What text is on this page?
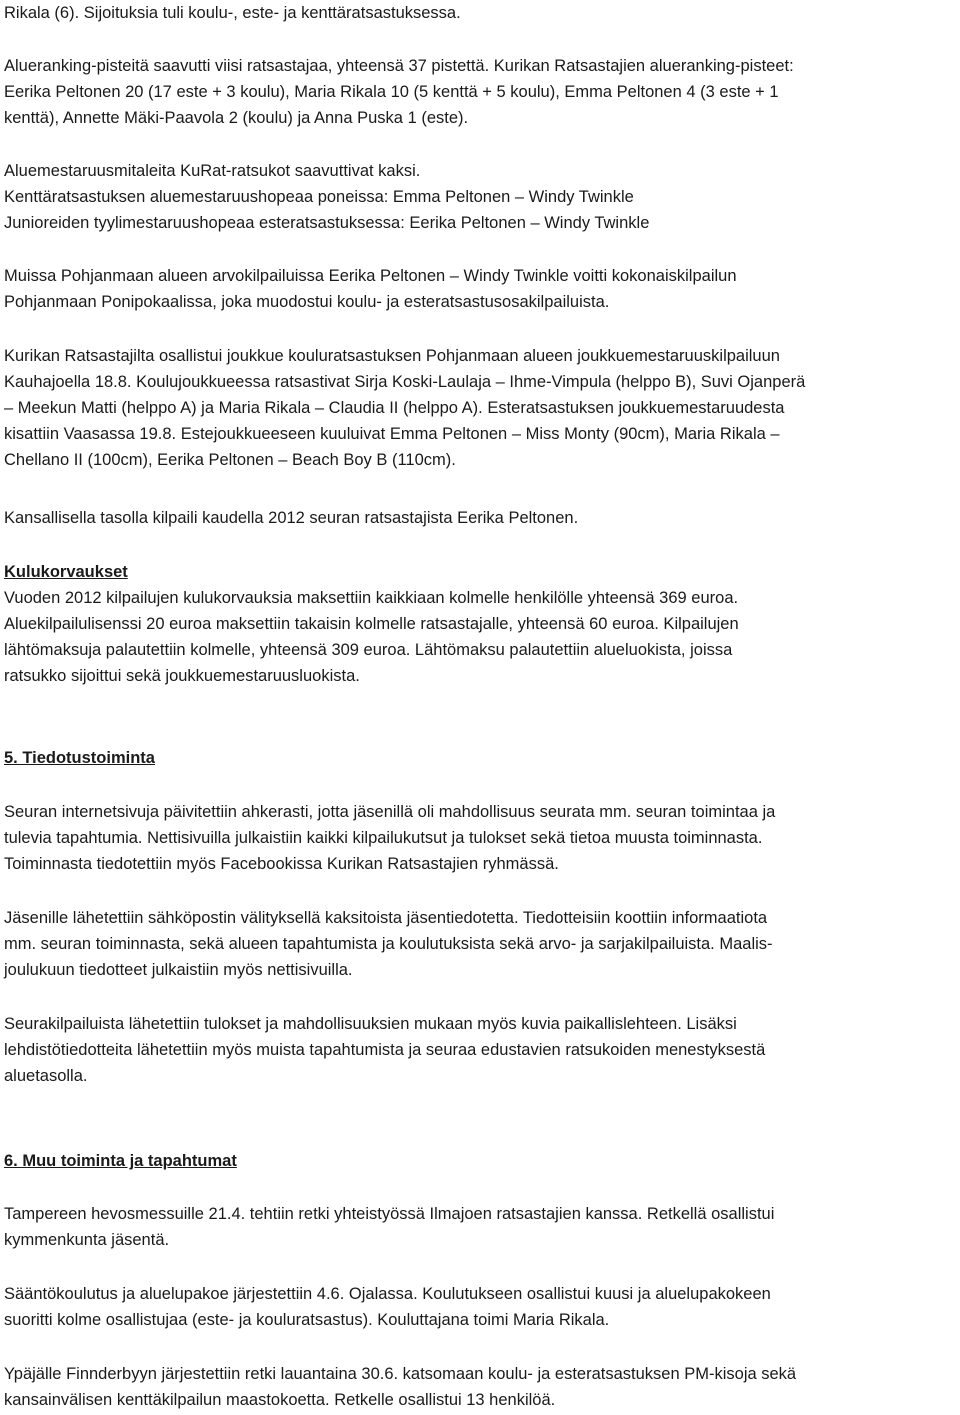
Rikala (6). Sijoituksia tuli koulu-, este- ja kenttäratsastuksessa.
Alueranking-pisteitä saavutti viisi ratsastajaa, yhteensä 37 pistettä. Kurikan Ratsastajien alueranking-pisteet:
Eerika Peltonen 20 (17 este + 3 koulu), Maria Rikala 10 (5 kenttä + 5 koulu), Emma Peltonen 4 (3 este + 1
kenttä), Annette Mäki-Paavola 2 (koulu) ja Anna Puska 1 (este).
Aluemestaruusmitaleita KuRat-ratsukot saavuttivat kaksi.
Kenttäratsastuksen aluemestaruushopeaa poneissa: Emma Peltonen – Windy Twinkle
Junioreiden tyylimestaruushopeaa esteratsastuksessa: Eerika Peltonen – Windy Twinkle
Muissa Pohjanmaan alueen arvokilpailuissa Eerika Peltonen – Windy Twinkle voitti kokonaiskilpailun
Pohjanmaan Ponipokaalissa, joka muodostui koulu- ja esteratsastusosakilpailuista.
Kurikan Ratsastajilta osallistui joukkue kouluratsastuksen Pohjanmaan alueen joukkuemestaruuskilpailuun
Kauhajoella 18.8. Koulujoukkueessa ratsastivat Sirja Koski-Laulaja – Ihme-Vimpula (helppo B), Suvi Ojanperä
– Meekun Matti (helppo A) ja Maria Rikala – Claudia II (helppo A). Esteratsastuksen joukkuemestaruudesta
kisattiin Vaasassa 19.8. Estejoukkueeseen kuuluivat Emma Peltonen – Miss Monty (90cm), Maria Rikala –
Chellano II (100cm), Eerika Peltonen – Beach Boy B (110cm).
Kansallisella tasolla kilpaili kaudella 2012 seuran ratsastajista Eerika Peltonen.
Kulukorvaukset
Vuoden 2012 kilpailujen kulukorvauksia maksettiin kaikkiaan kolmelle henkilölle yhteensä 369 euroa.
Aluekilpailulisenssi 20 euroa maksettiin takaisin kolmelle ratsastajalle, yhteensä 60 euroa. Kilpailujen
lähtömaksuja palautettiin kolmelle, yhteensä 309 euroa. Lähtömaksu palautettiin alueluokista, joissa
ratsukko sijoittui sekä joukkuemestaruusluokista.
5. Tiedotustoiminta
Seuran internetsivuja päivitettiin ahkerasti, jotta jäsenillä oli mahdollisuus seurata mm. seuran toimintaa ja
tulevia tapahtumia. Nettisivuilla julkaistiin kaikki kilpailukutsut ja tulokset sekä tietoa muusta toiminnasta.
Toiminnasta tiedotettiin myös Facebookissa Kurikan Ratsastajien ryhmässä.
Jäsenille lähetettiin sähköpostin välityksellä kaksitoista jäsentiedotetta. Tiedotteisiin koottiin informaatiota
mm. seuran toiminnasta, sekä alueen tapahtumista ja koulutuksista sekä arvo- ja sarjakilpailuista. Maalis-
joulukuun tiedotteet julkaistiin myös nettisivuilla.
Seurakilpailuista lähetettiin tulokset ja mahdollisuuksien mukaan myös kuvia paikallislehteen. Lisäksi
lehdistötiedotteita lähetettiin myös muista tapahtumista ja seuraa edustavien ratsukoiden menestyksestä
aluetasolla.
6. Muu toiminta ja tapahtumat
Tampereen hevosmessuille 21.4. tehtiin retki yhteistyössä Ilmajoen ratsastajien kanssa. Retkellä osallistui
kymmenkunta jäsentä.
Sääntökoulutus ja aluelupakoe järjestettiin 4.6. Ojalassa. Koulutukseen osallistui kuusi ja aluelupakokeen
suoritti kolme osallistujaa (este- ja kouluratsastus). Kouluttajana toimi Maria Rikala.
Ypäjälle Finnderbyyn järjestettiin retki lauantaina 30.6. katsomaan koulu- ja esteratsastuksen PM-kisoja sekä
kansainvälisen kenttäkilpailun maastokoetta. Retkelle osallistui 13 henkilöä.
